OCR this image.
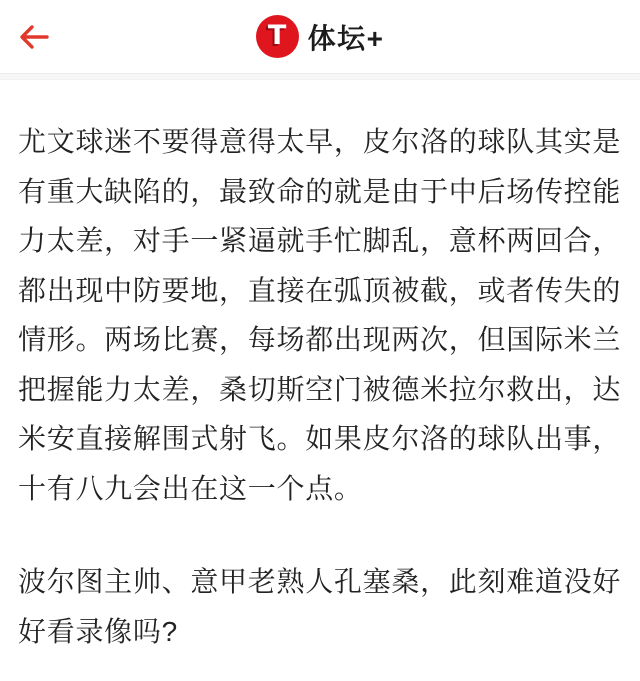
T 体坛+

尤文球迷不要得意得太早，皮尔洛的球队其实是有重大缺陷的，最致命的就是由于中后场传控能力太差，对手一紧逼就手忙脚乱，意杯两回合，都出现中防要地，直接在弧顶被截，或者传失的情形。两场比赛，每场都出现两次，但国际米兰把握能力太差，桑切斯空门被德米拉尔救出，达米安直接解围式射飞。如果皮尔洛的球队出事，十有八九会出在这一个点。

波尔图主帅、意甲老熟人孔塞桑，此刻难道没好好看录像吗?
